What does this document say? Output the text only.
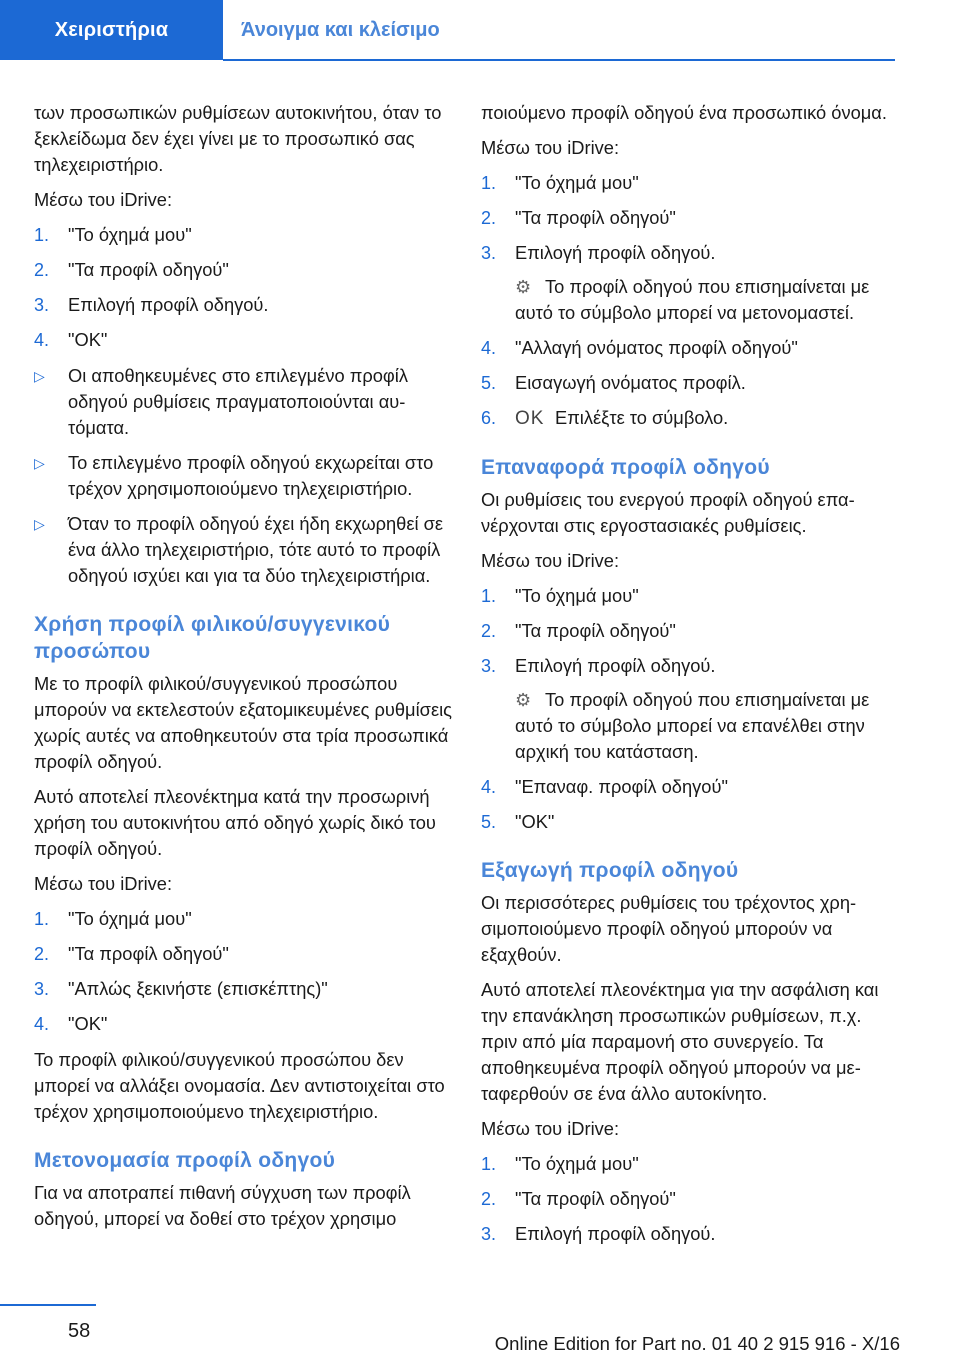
Χειριστήρια	Άνοιγμα και κλείσιμο

των προσωπικών ρυθμίσεων αυτοκινήτου, όταν το ξεκλείδωμα δεν έχει γίνει με το προσωπικό σας τηλεχειριστήριο.

Μέσω του iDrive:

1. "Το όχημά μου"
2. "Τα προφίλ οδηγού"
3. Επιλογή προφίλ οδηγού.
4. "OK"
▷ Οι αποθηκευμένες στο επιλεγμένο προφίλ οδηγού ρυθμίσεις πραγματοποιούνται αυτόματα.
▷ Το επιλεγμένο προφίλ οδηγού εκχωρείται στο τρέχον χρησιμοποιούμενο τηλεχειριστήριο.
▷ Όταν το προφίλ οδηγού έχει ήδη εκχωρηθεί σε ένα άλλο τηλεχειριστήριο, τότε αυτό το προφίλ οδηγού ισχύει και για τα δύο τηλεχειριστήρια.
Χρήση προφίλ φιλικού/συγγενικού προσώπου

Με το προφίλ φιλικού/συγγενικού προσώπου μπορούν να εκτελεστούν εξατομικευμένες ρυθμίσεις χωρίς αυτές να αποθηκευτούν στα τρία προσωπικά προφίλ οδηγού.

Αυτό αποτελεί πλεονέκτημα κατά την προσωρινή χρήση του αυτοκινήτου από οδηγό χωρίς δικό του προφίλ οδηγού.

Μέσω του iDrive:

1. "Το όχημά μου"
2. "Τα προφίλ οδηγού"
3. "Απλώς ξεκινήστε (επισκέπτης)"
4. "OK"

Το προφίλ φιλικού/συγγενικού προσώπου δεν μπορεί να αλλάξει ονομασία. Δεν αντιστοιχείται στο τρέχον χρησιμοποιούμενο τηλεχειριστήριο.

Μετονομασία προφίλ οδηγού

Για να αποτραπεί πιθανή σύγχυση των προφίλ οδηγού, μπορεί να δοθεί στο τρέχον χρησιμο

ποιούμενο προφίλ οδηγού ένα προσωπικό όνομα.

Μέσω του iDrive:

1. "Το όχημά μου"
2. "Τα προφίλ οδηγού"
3. Επιλογή προφίλ οδηγού.
⚙ Το προφίλ οδηγού που επισημαίνεται με αυτό το σύμβολο μπορεί να μετονομαστεί.
4. "Αλλαγή ονόματος προφίλ οδηγού"
5. Εισαγωγή ονόματος προφίλ.
6. OK Επιλέξτε το σύμβολο.
Επαναφορά προφίλ οδηγού

Οι ρυθμίσεις του ενεργού προφίλ οδηγού επανέρχονται στις εργοστασιακές ρυθμίσεις.

Μέσω του iDrive:

1. "Το όχημά μου"
2. "Τα προφίλ οδηγού"
3. Επιλογή προφίλ οδηγού.
⚙ Το προφίλ οδηγού που επισημαίνεται με αυτό το σύμβολο μπορεί να επανέλθει στην αρχική του κατάσταση.
4. "Επαναφ. προφίλ οδηγού"
5. "OK"
Εξαγωγή προφίλ οδηγού

Οι περισσότερες ρυθμίσεις του τρέχοντος χρησιμοποιούμενο προφίλ οδηγού μπορούν να εξαχθούν.

Αυτό αποτελεί πλεονέκτημα για την ασφάλιση και την επανάκληση προσωπικών ρυθμίσεων, π.χ. πριν από μία παραμονή στο συνεργείο. Τα αποθηκευμένα προφίλ οδηγού μπορούν να μεταφερθούν σε ένα άλλο αυτοκίνητο.

Μέσω του iDrive:

1. "Το όχημά μου"
2. "Τα προφίλ οδηγού"
3. Επιλογή προφίλ οδηγού.
58
Online Edition for Part no. 01 40 2 915 916 - X/16
